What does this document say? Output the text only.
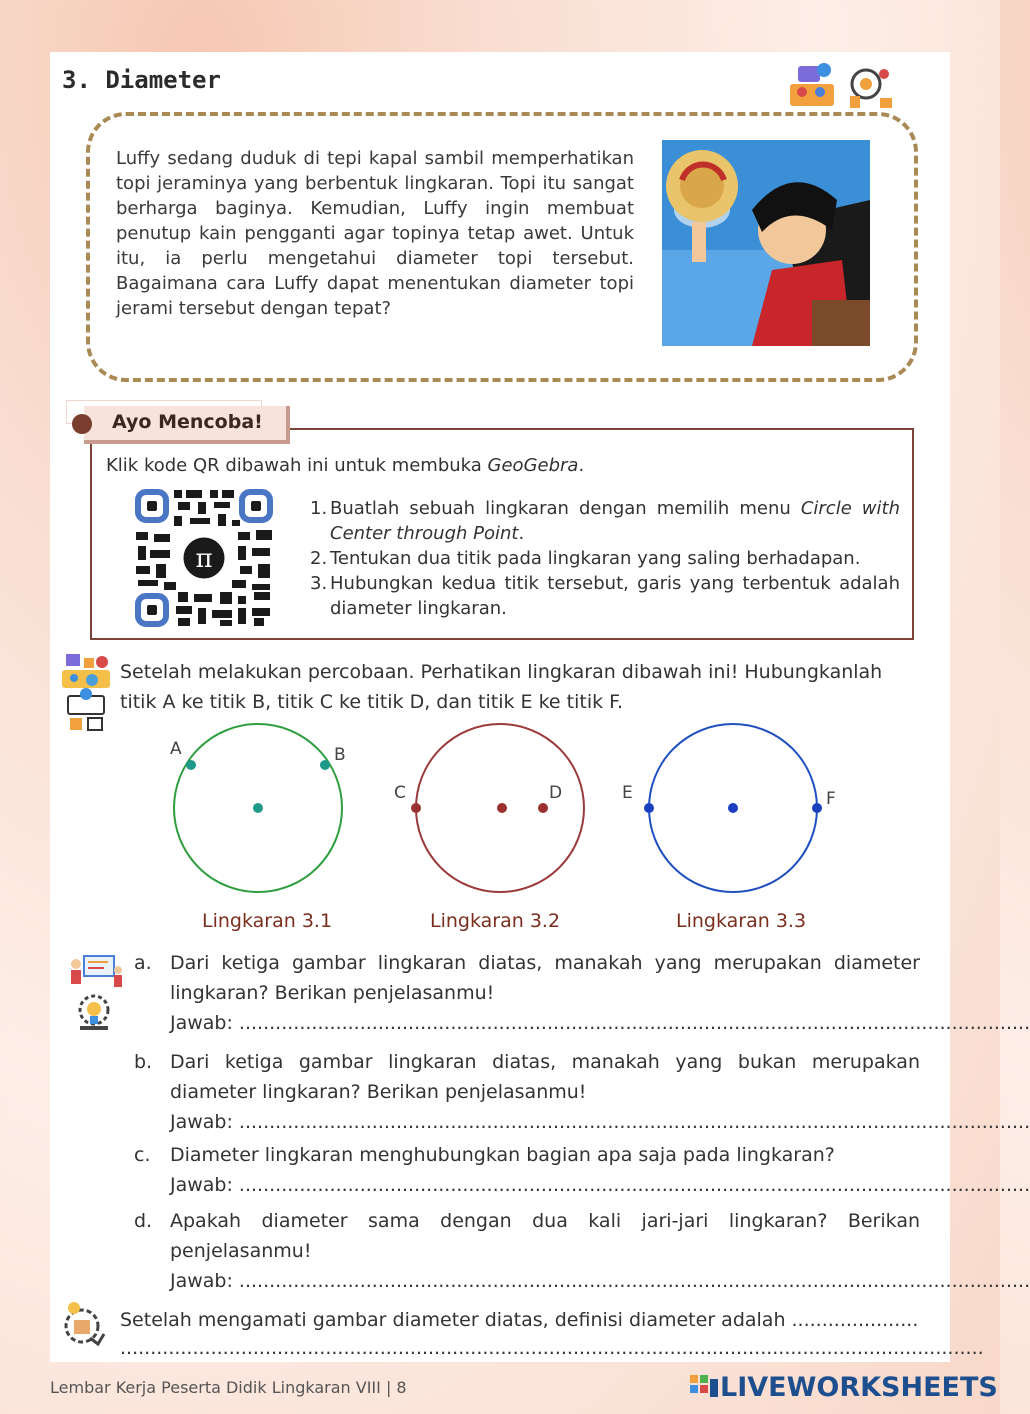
3. Diameter
Luffy sedang duduk di tepi kapal sambil memperhatikan topi jeraminya yang berbentuk lingkaran. Topi itu sangat berharga baginya. Kemudian, Luffy ingin membuat penutup kain pengganti agar topinya tetap awet. Untuk itu, ia perlu mengetahui diameter topi tersebut. Bagaimana cara Luffy dapat menentukan diameter topi jerami tersebut dengan tepat?
Ayo Mencoba!
Klik kode QR dibawah ini untuk membuka GeoGebra.
π
1. Buatlah sebuah lingkaran dengan memilih menu Circle with Center through Point.
2. Tentukan dua titik pada lingkaran yang saling berhadapan.
3. Hubungkan kedua titik tersebut, garis yang terbentuk adalah diameter lingkaran.
Setelah melakukan percobaan. Perhatikan lingkaran dibawah ini! Hubungkanlah titik A ke titik B, titik C ke titik D, dan titik E ke titik F.
A	B
C	D	E	F
Lingkaran 3.1	Lingkaran 3.2	Lingkaran 3.3
a. Dari ketiga gambar lingkaran diatas, manakah yang merupakan diameter lingkaran? Berikan penjelasanmu!
Jawab: ...................................................................................................................................
b. Dari ketiga gambar lingkaran diatas, manakah yang bukan merupakan diameter lingkaran? Berikan penjelasanmu!
Jawab: ...................................................................................................................................
c.	Diameter lingkaran menghubungkan bagian apa saja pada lingkaran?
Jawab: ...................................................................................................................................
d. Apakah diameter sama dengan dua kali jari-jari lingkaran? Berikan penjelasanmu!
Jawab: ...................................................................................................................................
Setelah mengamati gambar diameter diatas, definisi diameter adalah .....................
...............................................................................................................................................
Lembar Kerja Peserta Didik Lingkaran VIII | 8	LIVEWORKSHEETS
